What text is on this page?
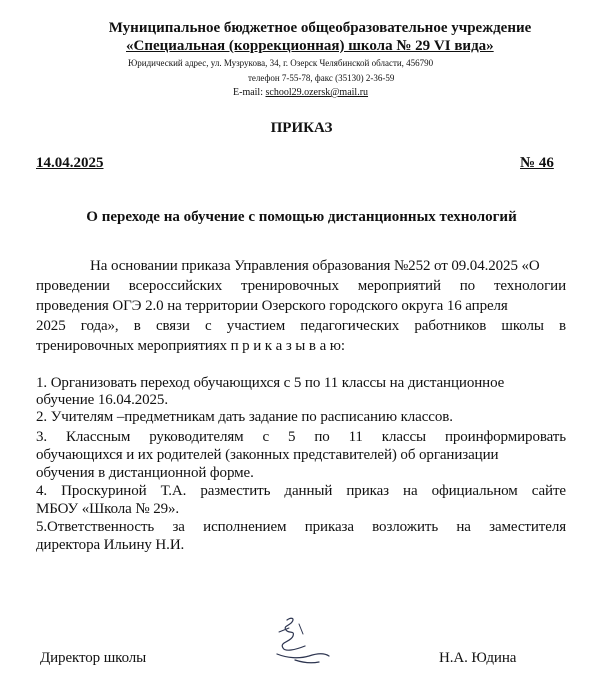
Муниципальное бюджетное общеобразовательное учреждение
«Специальная (коррекционная) школа № 29 VI вида»
Юридический адрес, ул. Музрукова, 34, г. Озерск Челябинской области, 456790
телефон 7-55-78, факс (35130) 2-36-59
E-mail: school29.ozersk@mail.ru
ПРИКАЗ
14.04.2025	№ 46
О переходе на обучение с помощью дистанционных технологий
На основании приказа Управления образования №252 от 09.04.2025 «О
проведении всероссийских тренировочных мероприятий по технологии
проведения ОГЭ 2.0 на территории Озерского городского округа 16 апреля
2025 года», в связи с участием педагогических работников школы в
тренировочных мероприятиях п р и к а з ы в а ю:
1. Организовать переход обучающихся с 5 по 11 классы на дистанционное
обучение 16.04.2025.
2. Учителям –предметникам дать задание по расписанию классов.
3. Классным руководителям с 5 по 11 классы проинформировать
обучающихся и их родителей (законных представителей) об организации
обучения в дистанционной форме.
4. Проскуриной Т.А. разместить данный приказ на официальном сайте
МБОУ «Школа № 29».
5.Ответственность за исполнением приказа возложить на заместителя
директора Ильину Н.И.
Директор школы	Н.А. Юдина
